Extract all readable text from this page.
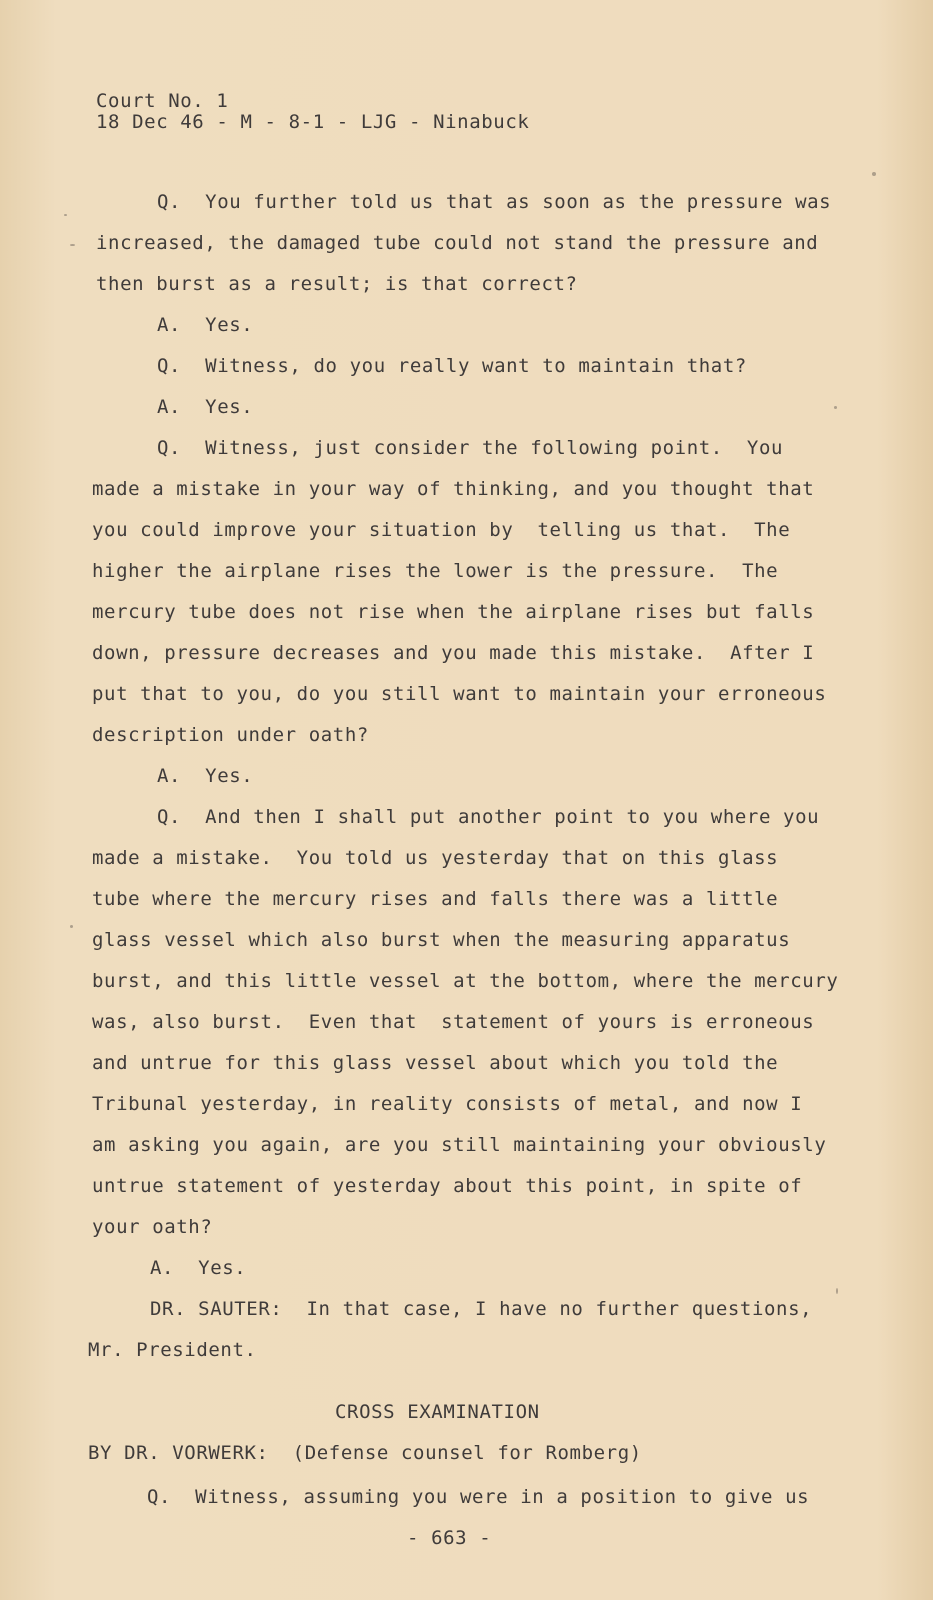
Court No. 1
18 Dec 46 - M - 8-1 - LJG - Ninabuck
Q.  You further told us that as soon as the pressure was
increased, the damaged tube could not stand the pressure and
then burst as a result; is that correct?
A.  Yes.
Q.  Witness, do you really want to maintain that?
A.  Yes.
Q.  Witness, just consider the following point.  You
made a mistake in your way of thinking, and you thought that
you could improve your situation by  telling us that.  The
higher the airplane rises the lower is the pressure.  The
mercury tube does not rise when the airplane rises but falls
down, pressure decreases and you made this mistake.  After I
put that to you, do you still want to maintain your erroneous
description under oath?
A.  Yes.
Q.  And then I shall put another point to you where you
made a mistake.  You told us yesterday that on this glass
tube where the mercury rises and falls there was a little
glass vessel which also burst when the measuring apparatus
burst, and this little vessel at the bottom, where the mercury
was, also burst.  Even that  statement of yours is erroneous
and untrue for this glass vessel about which you told the
Tribunal yesterday, in reality consists of metal, and now I
am asking you again, are you still maintaining your obviously
untrue statement of yesterday about this point, in spite of
your oath?
A.  Yes.
DR. SAUTER:  In that case, I have no further questions,
Mr. President.
CROSS EXAMINATION
BY DR. VORWERK:  (Defense counsel for Romberg)
Q.  Witness, assuming you were in a position to give us
- 663 -
